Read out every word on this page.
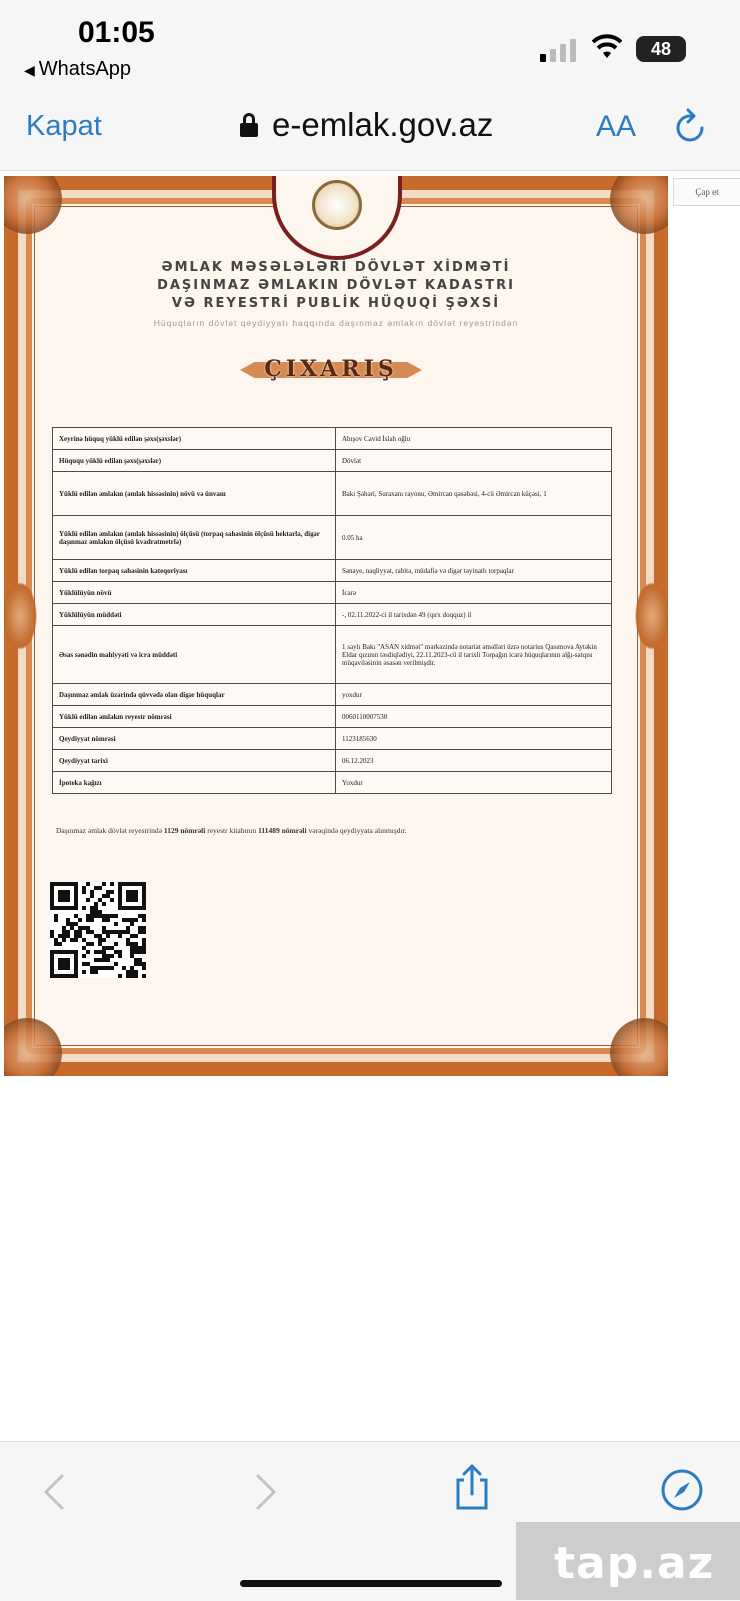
01:05
◀ WhatsApp
48
Kapat	e-emlak.gov.az	AA
Çap et
ƏMLAK MƏSƏLƏLƏRİ DÖVLƏT XİDMƏTİ
DAŞINMAZ ƏMLAKIN DÖVLƏT KADASTRI
VƏ REYESTRİ PUBLİK HÜQUQİ ŞƏXSİ
Hüquqların dövlət qeydiyyatı haqqında daşınmaz əmlakın dövlət reyestrindən
ÇIXARIŞ
Xeyrinə hüquq yüklü edilən şəxs(şəxslər)	Abışov Cavid İslah oğlu
Hüququ yüklü edilən şəxs(şəxslər)	Dövlət
Yüklü edilən əmlakın (əmlak hissəsinin) növü və ünvanı	Bakı Şəhəri, Suraxanı rayonu, Əmircan qəsəbəsi, 4-cü Əmircan küçəsi, 1
Yüklü edilən əmlakın (əmlak hissəsinin) ölçüsü (torpaq sahəsinin ölçüsü hektarla, digər daşınmaz əmlakın ölçüsü kvadratmetrlə)	0.05 ha
Yüklü edilən torpaq sahəsinin kateqoriyası	Sənaye, nəqliyyat, rabitə, müdafiə və digər təyinatlı torpaqlar
Yüklülüyün növü	İcarə
Yüklülüyün müddəti	-, 02.11.2022-ci il tarixdən 49 (qırx doqquz) il
Əsas sənədin mahiyyəti və icra müddəti	1 saylı Bakı "ASAN xidmət" mərkəzində notariat əməlləri üzrə notarius Qasımova Aytəkin Eldar qızının təsdiqlədiyi, 22.11.2023-cü il tarixli Torpağın icarə hüquqlarının alğı-satqısı müqaviləsinin əsasən verilmişdir.
Daşınmaz əmlak üzərində qüvvədə olan digər hüquqlar	yoxdur
Yüklü edilən əmlakın reyestr nömrəsi	0060110007530
Qeydiyyat nömrəsi	1123185630
Qeydiyyat tarixi	06.12.2023
İpoteka kağızı	Yoxdur
Daşınmaz əmlak dövlət reyestrində 1129 nömrəli reyestr kitabının 111489 nömrəli vərəqində qeydiyyata alınmışdır.
tap.az
